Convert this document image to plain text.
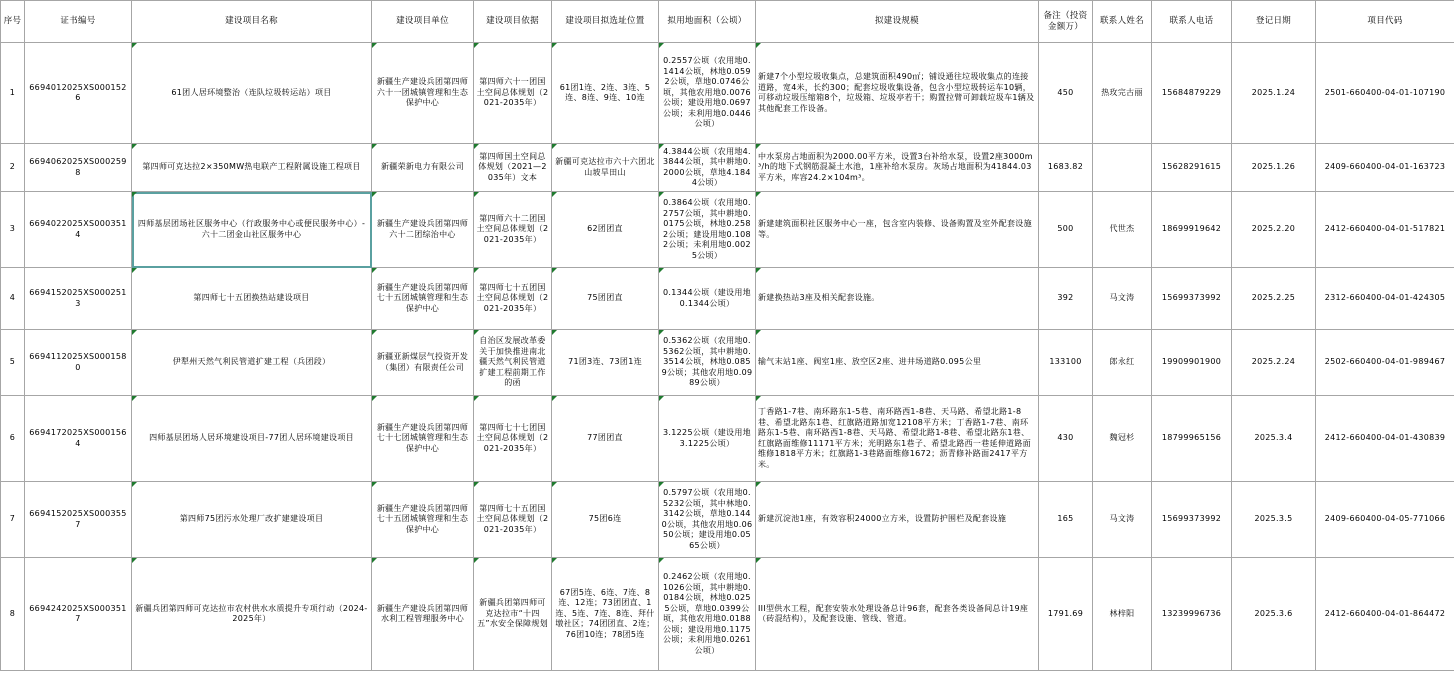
序号	证书编号	建设项目名称	建设项目单位	建设项目依据	建设项目拟选址位置	拟用地面积（公顷）	拟建设规模	备注（投资金额万）	联系人姓名	联系人电话	登记日期	项目代码

1	6694012025XS0001526	61团人居环境整治（连队垃圾转运站）项目	新疆生产建设兵团第四师六十一团城镇管理和生态保护中心	第四师六十一团国土空间总体规划（2021-2035年）	61团1连、2连、3连、5连、8连、9连、10连	0.2557公顷（农用地0.1414公顷，林地0.0592公顷，草地0.0746公顷，其他农用地0.0076公顷；建设用地0.0697公顷；未利用地0.0446公顷）	新建7个小型垃圾收集点，总建筑面积490㎡；铺设通往垃圾收集点的连接道路，宽4米，长约300；配套垃圾收集设备，包含小型垃圾转运车10辆，可移动垃圾压缩箱8个，垃圾箱、垃圾亭若干；购置拉臂可卸载垃圾车1辆及其他配套工作设备。	450	热玫完古丽	15684879229	2025.1.24	2501-660400-04-01-107190

2	6694062025XS0002598	第四师可克达拉2×350MW热电联产工程附属设施工程项目	新疆荣新电力有限公司	第四师国土空间总体规划（2021—2035年）文本	新疆可克达拉市六十六团北山坡旱田山	4.3844公顷（农用地4.3844公顷，其中耕地0.2000公顷，草地4.1844公顷）	中水泵房占地面积为2000.00平方米，设置3台补给水泵，设置2座3000m³/h的地下式钢筋混凝土水池，1座补给水泵房。灰场占地面积为41844.03平方米，库容24.2×104m³。	1683.82		15628291615	2025.1.26	2409-660400-04-01-163723

3	6694022025XS0003514	四师基层团场社区服务中心（行政服务中心或便民服务中心）-六十二团金山社区服务中心	新疆生产建设兵团第四师六十二团综治中心	第四师六十二团国土空间总体规划（2021-2035年）	62团团直	0.3864公顷（农用地0.2757公顷，其中耕地0.0175公顷，林地0.2582公顷；建设用地0.1082公顷；未利用地0.0025公顷）	新建建筑面积社区服务中心一座，包含室内装修、设备购置及室外配套设施等。	500	代世杰	18699919642	2025.2.20	2412-660400-04-01-517821

4	6694152025XS0002513	第四师七十五团换热站建设项目	新疆生产建设兵团第四师七十五团城镇管理和生态保护中心	第四师七十五团国土空间总体规划（2021-2035年）	75团团直	0.1344公顷（建设用地0.1344公顷）	新建换热站3座及相关配套设施。	392	马文涛	15699373992	2025.2.25	2312-660400-04-01-424305

5	6694112025XS0001580	伊犁州天然气利民管道扩建工程（兵团段）	新疆亚新煤层气投资开发（集团）有限责任公司	自治区发展改革委关于加快推进南北疆天然气利民管道扩建工程前期工作的函	71团3连、73团1连	0.5362公顷（农用地0.5362公顷，其中耕地0.3514公顷，林地0.0859公顷；其他农用地0.0989公顷）	输气末站1座、阀室1座、放空区2座、进井场道路0.095公里	133100	郎永红	19909901900	2025.2.24	2502-660400-04-01-989467

6	6694172025XS0001564	四师基层团场人居环境建设项目-77团人居环境建设项目	新疆生产建设兵团第四师七十七团城镇管理和生态保护中心	第四师七十七团国土空间总体规划（2021-2035年）	77团团直	3.1225公顷（建设用地3.1225公顷）	丁香路1-7巷、南环路东1-5巷、南环路西1-8巷、天马路、希望北路1-8巷、希望北路东1巷、红旗路道路加宽12108平方米；丁香路1-7巷、南环路东1-5巷、南环路西1-8巷、天马路、希望北路1-8巷、希望北路东1巷、红旗路面维修11171平方米；光明路东1巷子、希望北路西一巷延伸道路面维修1818平方米；红旗路1-3巷路面维修1672；沥青修补路面2417平方米。	430	魏冠杉	18799965156	2025.3.4	2412-660400-04-01-430839

7	6694152025XS0003557	第四师75团污水处理厂改扩建建设项目	新疆生产建设兵团第四师七十五团城镇管理和生态保护中心	第四师七十五团国土空间总体规划（2021-2035年）	75团6连	0.5797公顷（农用地0.5232公顷，其中林地0.3142公顷，草地0.1440公顷，其他农用地0.0650公顷；建设用地0.0565公顷）	新建沉淀池1座，有效容积24000立方米，设置防护围栏及配套设施	165	马文涛	15699373992	2025.3.5	2409-660400-04-05-771066

8	6694242025XS0003517	新疆兵团第四师可克达拉市农村供水水质提升专项行动（2024-2025年）	新疆生产建设兵团第四师水利工程管理服务中心	新疆兵团第四师可克达拉市“十四五”水安全保障规划	67团5连、6连、7连、8连、12连；73团团直、1连、5连、7连、8连、拜什墩社区；74团团直、2连；76团10连；78团5连	0.2462公顷（农用地0.1026公顷，其中耕地0.0184公顷，林地0.0255公顷，草地0.0399公顷，其他农用地0.0188公顷；建设用地0.1175公顷；未利用地0.0261公顷）	III型供水工程，配套安装水处理设备总计96套，配套各类设备间总计19座（砖混结构），及配套设施、管线、管道。	1791.69	林梓阳	13239996736	2025.3.6	2412-660400-04-01-864472
